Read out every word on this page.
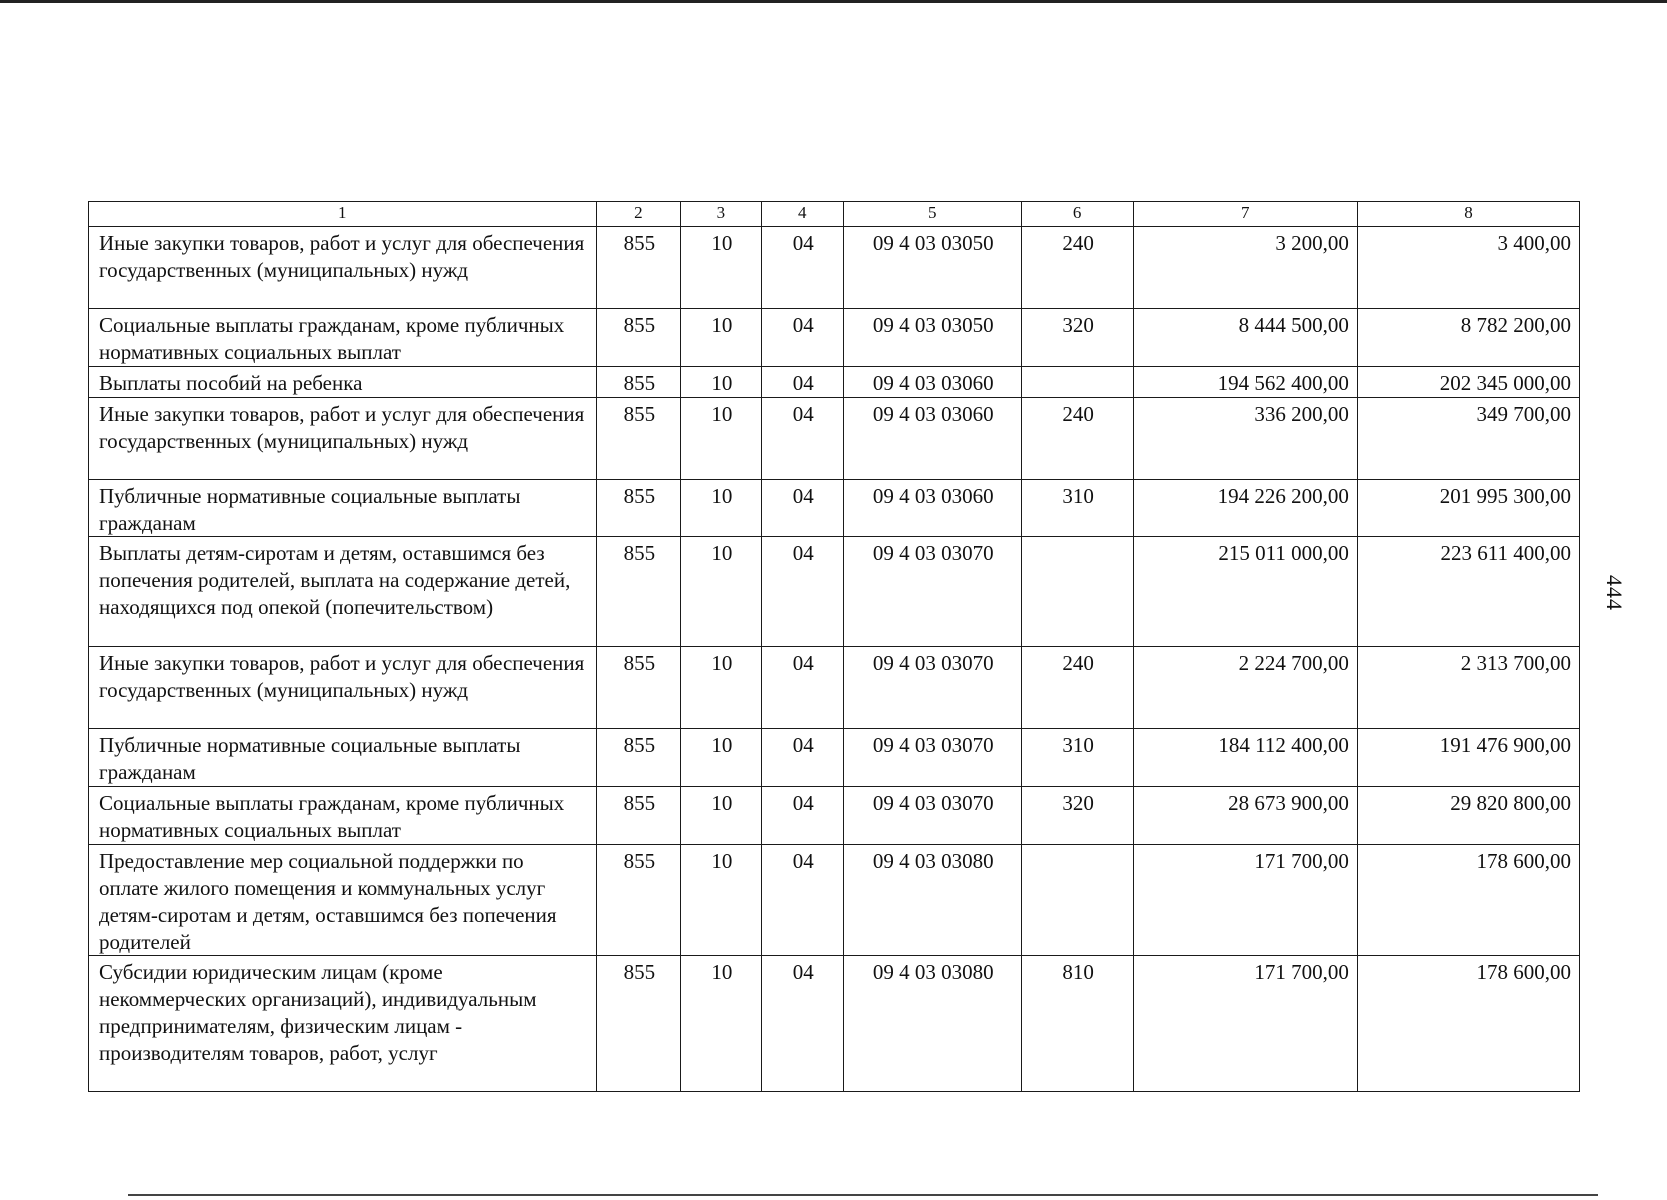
1	2	3	4	5	6	7	8
Иные закупки товаров, работ и услуг для обеспечения государственных (муниципальных) нужд	855	10	04	09 4 03 03050	240	3 200,00	3 400,00
Социальные выплаты гражданам, кроме публичных нормативных социальных выплат	855	10	04	09 4 03 03050	320	8 444 500,00	8 782 200,00
Выплаты пособий на ребенка	855	10	04	09 4 03 03060		194 562 400,00	202 345 000,00
Иные закупки товаров, работ и услуг для обеспечения государственных (муниципальных) нужд	855	10	04	09 4 03 03060	240	336 200,00	349 700,00
Публичные нормативные социальные выплаты гражданам	855	10	04	09 4 03 03060	310	194 226 200,00	201 995 300,00
Выплаты детям-сиротам и детям, оставшимся без попечения родителей, выплата на содержание детей, находящихся под опекой (попечительством)	855	10	04	09 4 03 03070		215 011 000,00	223 611 400,00
Иные закупки товаров, работ и услуг для обеспечения государственных (муниципальных) нужд	855	10	04	09 4 03 03070	240	2 224 700,00	2 313 700,00
Публичные нормативные социальные выплаты гражданам	855	10	04	09 4 03 03070	310	184 112 400,00	191 476 900,00
Социальные выплаты гражданам, кроме публичных нормативных социальных выплат	855	10	04	09 4 03 03070	320	28 673 900,00	29 820 800,00
Предоставление мер социальной поддержки по оплате жилого помещения и коммунальных услуг детям-сиротам и детям, оставшимся без попечения родителей	855	10	04	09 4 03 03080		171 700,00	178 600,00
Субсидии юридическим лицам (кроме некоммерческих организаций), индивидуальным предпринимателям, физическим лицам - производителям товаров, работ, услуг	855	10	04	09 4 03 03080	810	171 700,00	178 600,00
444
